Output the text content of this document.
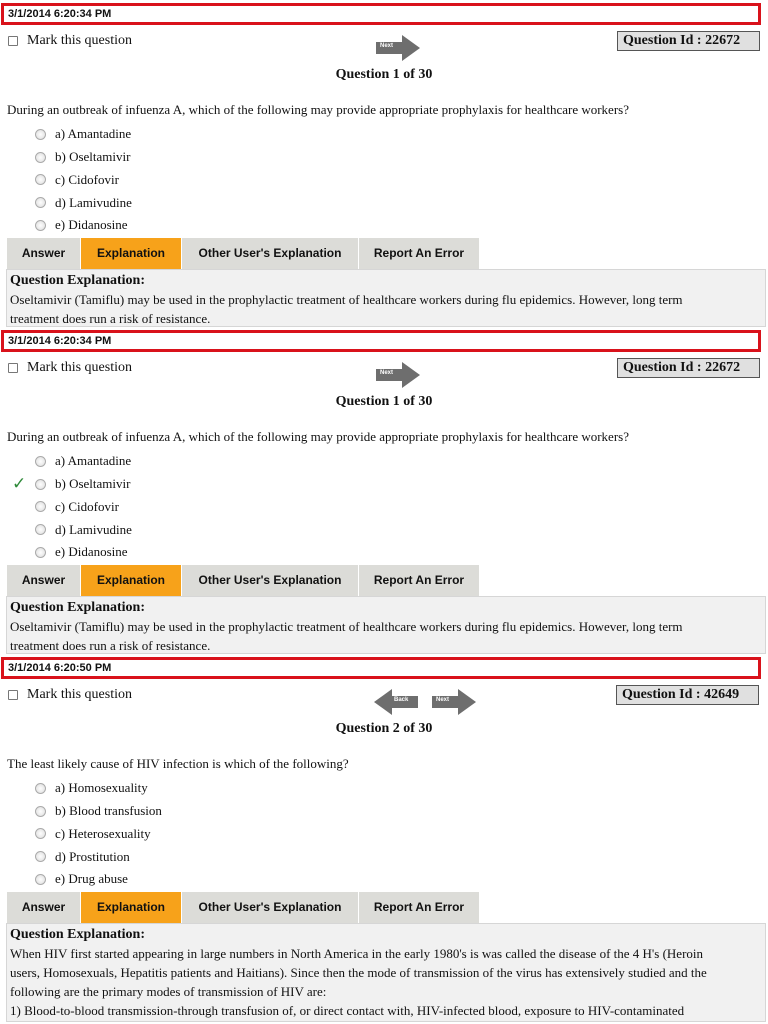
3/1/2014 6:20:34 PM
Mark this question	Next	Question Id : 22672
Question 1 of 30
During an outbreak of infuenza A, which of the following may provide appropriate prophylaxis for healthcare workers?
a) Amantadine
b) Oseltamivir
c) Cidofovir
d) Lamivudine
e) Didanosine
Answer	Explanation	Other User's Explanation	Report An Error
Question Explanation:
Oseltamivir (Tamiflu) may be used in the prophylactic treatment of healthcare workers during flu epidemics. However, long term
treatment does run a risk of resistance.
3/1/2014 6:20:34 PM
Mark this question	Next	Question Id : 22672
Question 1 of 30
During an outbreak of infuenza A, which of the following may provide appropriate prophylaxis for healthcare workers?
a) Amantadine
✓ b) Oseltamivir
c) Cidofovir
d) Lamivudine
e) Didanosine
Answer	Explanation	Other User's Explanation	Report An Error
Question Explanation:
Oseltamivir (Tamiflu) may be used in the prophylactic treatment of healthcare workers during flu epidemics. However, long term
treatment does run a risk of resistance.
3/1/2014 6:20:50 PM
Mark this question	Back	Next	Question Id : 42649
Question 2 of 30
The least likely cause of HIV infection is which of the following?
a) Homosexuality
b) Blood transfusion
c) Heterosexuality
d) Prostitution
e) Drug abuse
Answer	Explanation	Other User's Explanation	Report An Error
Question Explanation:
When HIV first started appearing in large numbers in North America in the early 1980's is was called the disease of the 4 H's (Heroin
users, Homosexuals, Hepatitis patients and Haitians). Since then the mode of transmission of the virus has extensively studied and the
following are the primary modes of transmission of HIV are:
1) Blood-to-blood transmission-through transfusion of, or direct contact with, HIV-infected blood, exposure to HIV-contaminated
